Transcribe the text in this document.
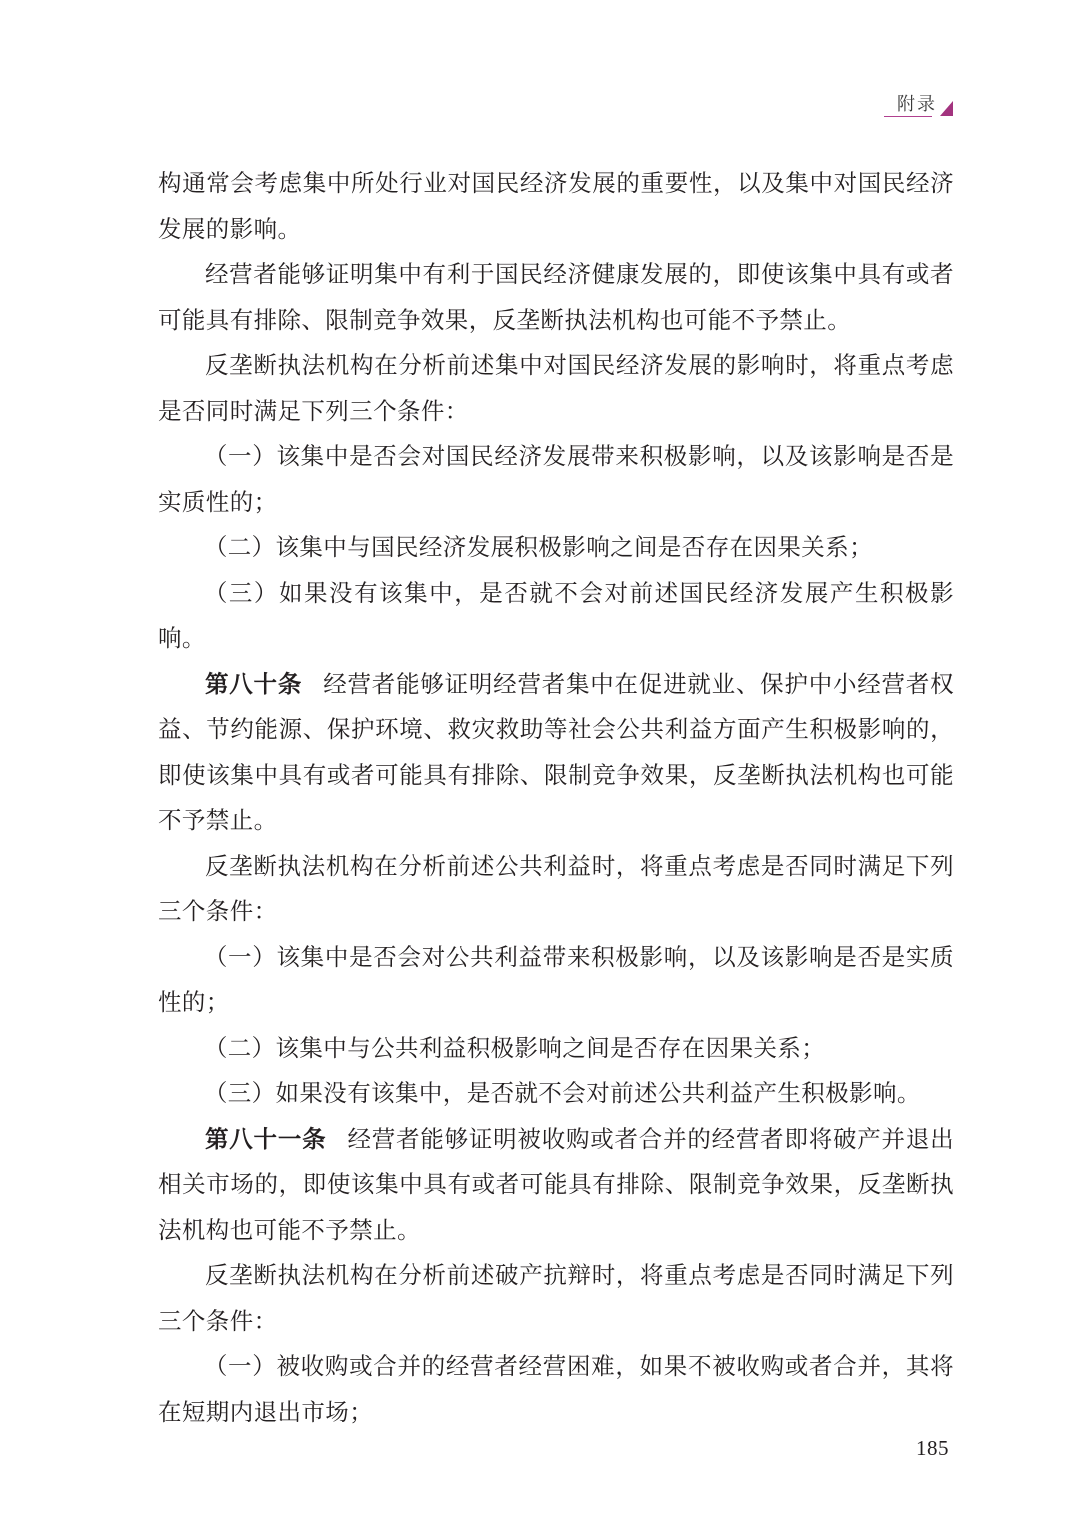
附录

构通常会考虑集中所处行业对国民经济发展的重要性，以及集中对国民经济发展的影响。

经营者能够证明集中有利于国民经济健康发展的，即使该集中具有或者可能具有排除、限制竞争效果，反垄断执法机构也可能不予禁止。

反垄断执法机构在分析前述集中对国民经济发展的影响时，将重点考虑是否同时满足下列三个条件：

（一）该集中是否会对国民经济发展带来积极影响，以及该影响是否是实质性的；

（二）该集中与国民经济发展积极影响之间是否存在因果关系；

（三）如果没有该集中，是否就不会对前述国民经济发展产生积极影响。

第八十条 经营者能够证明经营者集中在促进就业、保护中小经营者权益、节约能源、保护环境、救灾救助等社会公共利益方面产生积极影响的，即使该集中具有或者可能具有排除、限制竞争效果，反垄断执法机构也可能不予禁止。

反垄断执法机构在分析前述公共利益时，将重点考虑是否同时满足下列三个条件：

（一）该集中是否会对公共利益带来积极影响，以及该影响是否是实质性的；

（二）该集中与公共利益积极影响之间是否存在因果关系；

（三）如果没有该集中，是否就不会对前述公共利益产生积极影响。

第八十一条 经营者能够证明被收购或者合并的经营者即将破产并退出相关市场的，即使该集中具有或者可能具有排除、限制竞争效果，反垄断执法机构也可能不予禁止。

反垄断执法机构在分析前述破产抗辩时，将重点考虑是否同时满足下列三个条件：

（一）被收购或合并的经营者经营困难，如果不被收购或者合并，其将在短期内退出市场；

185
